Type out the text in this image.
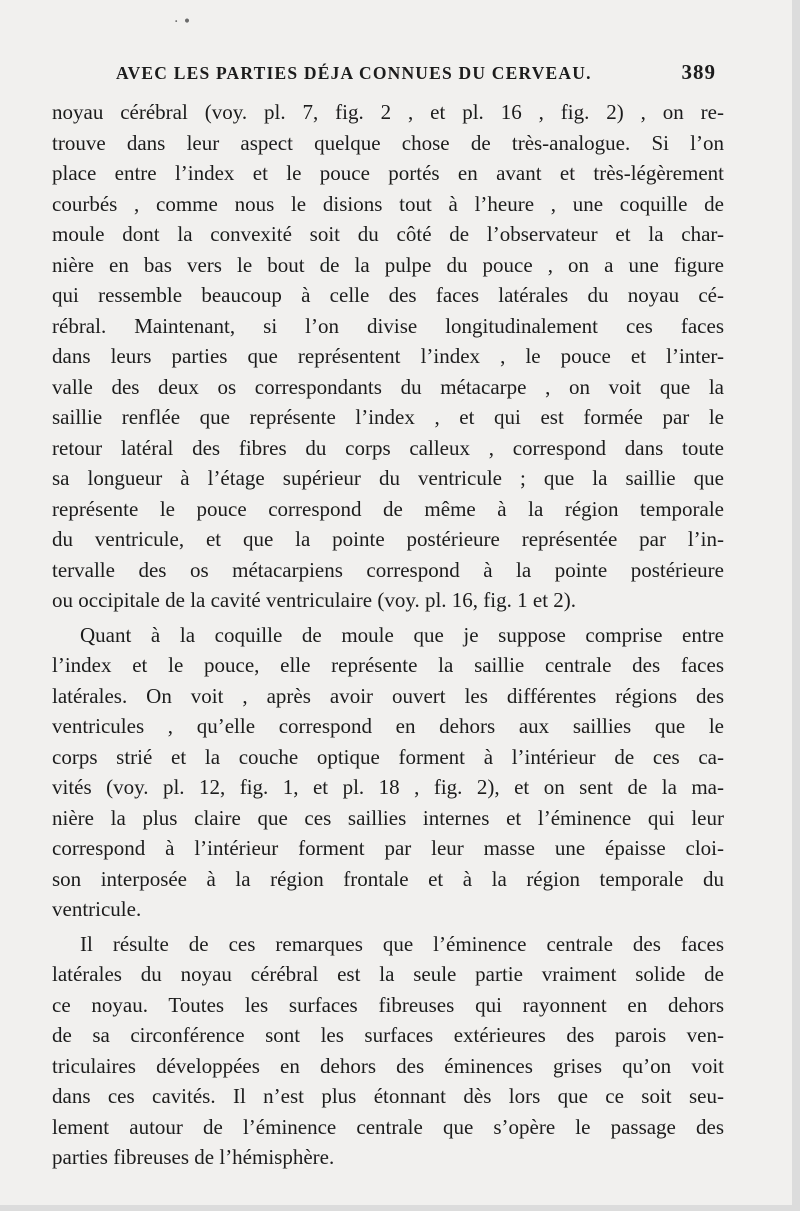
· •
AVEC LES PARTIES DÉJA CONNUES DU CERVEAU.	389
noyau cérébral (voy. pl. 7, fig. 2 , et pl. 16 , fig. 2) , on re-
trouve dans leur aspect quelque chose de très-analogue. Si l’on
place entre l’index et le pouce portés en avant et très-légèrement
courbés , comme nous le disions tout à l’heure , une coquille de
moule dont la convexité soit du côté de l’observateur et la char-
nière en bas vers le bout de la pulpe du pouce , on a une figure
qui ressemble beaucoup à celle des faces latérales du noyau cé-
rébral. Maintenant, si l’on divise longitudinalement ces faces
dans leurs parties que représentent l’index , le pouce et l’inter-
valle des deux os correspondants du métacarpe , on voit que la
saillie renflée que représente l’index , et qui est formée par le
retour latéral des fibres du corps calleux , correspond dans toute
sa longueur à l’étage supérieur du ventricule ; que la saillie que
représente le pouce correspond de même à la région temporale
du ventricule, et que la pointe postérieure représentée par l’in-
tervalle des os métacarpiens correspond à la pointe postérieure
ou occipitale de la cavité ventriculaire (voy. pl. 16, fig. 1 et 2).
Quant à la coquille de moule que je suppose comprise entre
l’index et le pouce, elle représente la saillie centrale des faces
latérales. On voit , après avoir ouvert les différentes régions des
ventricules , qu’elle correspond en dehors aux saillies que le
corps strié et la couche optique forment à l’intérieur de ces ca-
vités (voy. pl. 12, fig. 1, et pl. 18 , fig. 2), et on sent de la ma-
nière la plus claire que ces saillies internes et l’éminence qui leur
correspond à l’intérieur forment par leur masse une épaisse cloi-
son interposée à la région frontale et à la région temporale du
ventricule.
Il résulte de ces remarques que l’éminence centrale des faces
latérales du noyau cérébral est la seule partie vraiment solide de
ce noyau. Toutes les surfaces fibreuses qui rayonnent en dehors
de sa circonférence sont les surfaces extérieures des parois ven-
triculaires développées en dehors des éminences grises qu’on voit
dans ces cavités. Il n’est plus étonnant dès lors que ce soit seu-
lement autour de l’éminence centrale que s’opère le passage des
parties fibreuses de l’hémisphère.
